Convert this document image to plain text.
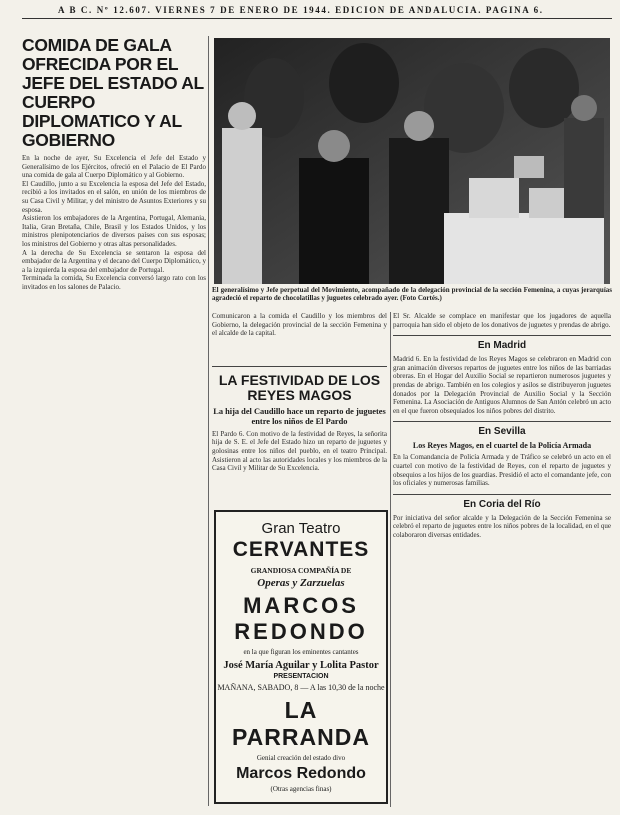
A B C. Nº 12.607. VIERNES 7 DE ENERO DE 1944. EDICION DE ANDALUCIA. PAGINA 6.
COMIDA DE GALA OFRECIDA POR EL JEFE DEL ESTADO AL CUERPO DIPLOMATICO Y AL GOBIERNO

En la noche de ayer, Su Excelencia el Jefe del Estado y Generalísimo de los Ejércitos, ofreció en el Palacio de El Pardo una comida de gala al Cuerpo Diplomático y al Gobierno.

El Caudillo, junto a su Excelencia la esposa del Jefe del Estado, recibió a los invitados en el salón, en unión de los miembros de su Casa Civil y Militar, y del ministro de Asuntos Exteriores y su esposa.

Asistieron los embajadores de la Argentina, Portugal, Alemania, Italia, Gran Bretaña, Chile, Brasil y los Estados Unidos, y los ministros plenipotenciarios de diversos países con sus esposas; los ministros del Gobierno y otras altas personalidades.

A la derecha de Su Excelencia se sentaron la esposa del embajador de la Argentina y el decano del Cuerpo Diplomático, y a la izquierda la esposa del embajador de Portugal.

Terminada la comida, Su Excelencia conversó largo rato con los invitados en los salones de Palacio.	El generalísimo y Jefe perpetual del Movimiento, acompañado de la delegación provincial de la sección Femenina, a cuyas jerarquías agradeció el reparto de chocolatillas y juguetes celebrado ayer. (Foto Cortés.)

Comunicaron a la comida el Caudillo y los miembros del Gobierno, la delegación provincial de la sección Femenina y el alcalde de la capital.

LA FESTIVIDAD DE LOS REYES MAGOS
La hija del Caudillo hace un reparto de juguetes entre los niños de El Pardo

El Pardo 6. Con motivo de la festividad de Reyes, la señorita hija de S. E. el Jefe del Estado hizo un reparto de juguetes y golosinas entre los niños del pueblo, en el teatro Principal. Asistieron al acto las autoridades locales y los miembros de la Casa Civil y Militar de Su Excelencia.

Gran Teatro
CERVANTES
GRANDIOSA COMPAÑÍA DE
Operas y Zarzuelas
MARCOS
REDONDO
en la que figuran los eminentes cantantes
José María Aguilar y Lolita Pastor
PRESENTACION
MAÑANA, SABADO, 8 — A las 10,30 de la noche
LA PARRANDA
Genial creación del estado divo
Marcos Redondo
(Otras agencias finas)

El Sr. Alcalde se complace en manifestar que los jugadores de aquella parroquia han sido el objeto de los donativos de juguetes y prendas de abrigo.

En Madrid

Madrid 6. En la festividad de los Reyes Magos se celebraron en Madrid con gran animación diversos repartos de juguetes entre los niños de las barriadas obreras. En el Hogar del Auxilio Social se repartieron numerosos juguetes y prendas de abrigo. También en los colegios y asilos se distribuyeron juguetes donados por la Delegación Provincial de Auxilio Social y la Sección Femenina. La Asociación de Antiguos Alumnos de San Antón celebró un acto en el que fueron obsequiados los niños pobres del distrito.

En Sevilla
Los Reyes Magos, en el cuartel de la Policía Armada

En la Comandancia de Policía Armada y de Tráfico se celebró un acto en el cuartel con motivo de la festividad de Reyes, con el reparto de juguetes y obsequios a los hijos de los guardias. Presidió el acto el comandante jefe, con los oficiales y numerosas familias.

En Coria del Río

Por iniciativa del señor alcalde y la Delegación de la Sección Femenina se celebró el reparto de juguetes entre los niños pobres de la localidad, en el que colaboraron diversas entidades.
